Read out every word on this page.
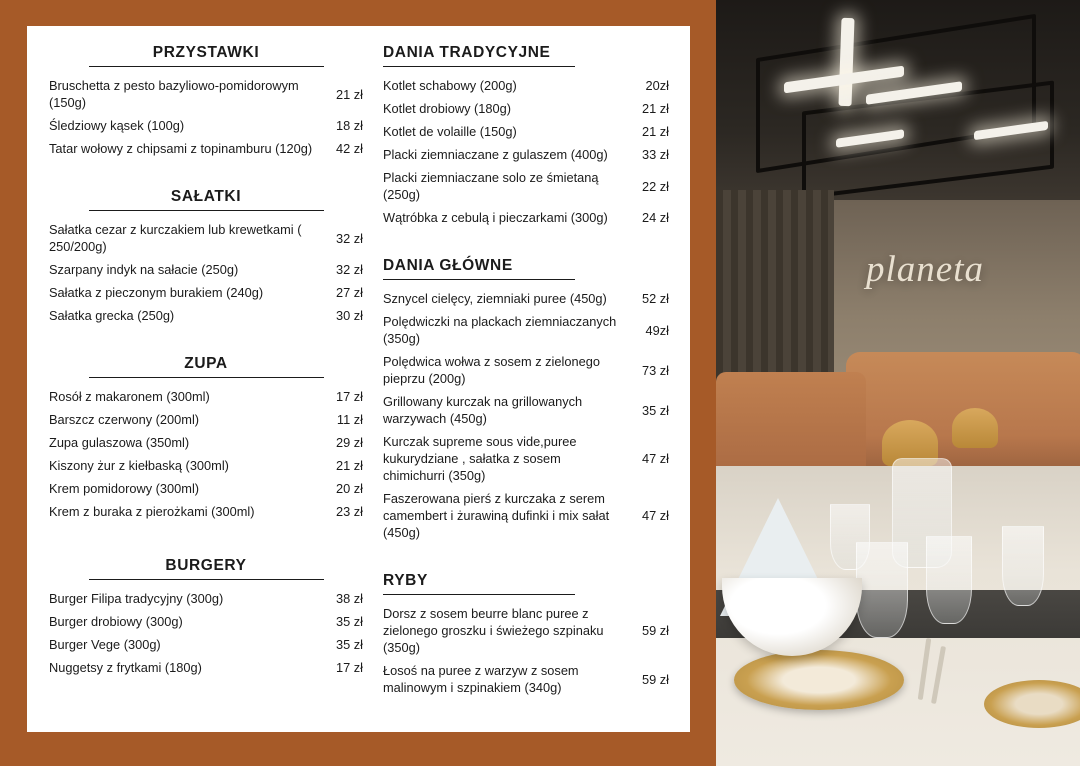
PRZYSTAWKI
Bruschetta z pesto bazyliowo-pomidorowym (150g)
21 zł
Śledziowy kąsek (100g)	18 zł
Tatar wołowy z chipsami z topinamburu (120g)	42 zł
SAŁATKI
Sałatka cezar z kurczakiem lub krewetkami ( 250/200g)
32 zł
Szarpany indyk na sałacie (250g)	32 zł
Sałatka z pieczonym burakiem (240g)	27 zł
Sałatka grecka (250g)	30 zł
ZUPA
Rosół z makaronem (300ml)	17 zł
Barszcz czerwony (200ml)	11 zł
Zupa gulaszowa (350ml)	29 zł
Kiszony żur z kiełbaską (300ml)	21 zł
Krem pomidorowy (300ml)	20 zł
Krem z buraka z pierożkami (300ml)	23 zł
BURGERY
Burger Filipa tradycyjny (300g)	38 zł
Burger drobiowy (300g)	35 zł
Burger Vege (300g)	35 zł
Nuggetsy z frytkami (180g)	17 zł
DANIA TRADYCYJNE
Kotlet schabowy (200g)	20zł
Kotlet drobiowy (180g)	21 zł
Kotlet de volaille (150g)	21 zł
Placki ziemniaczane z gulaszem (400g)	33 zł
Placki ziemniaczane solo ze śmietaną (250g)
22 zł
Wątróbka z cebulą i pieczarkami (300g)	24 zł
DANIA GŁÓWNE
Sznycel cielęcy, ziemniaki puree (450g)	52 zł
Polędwiczki na plackach ziemniaczanych (350g)
49zł
Polędwica wołwa z sosem z zielonego pieprzu (200g)
73 zł
Grillowany kurczak na grillowanych warzywach (450g)
35 zł
Kurczak supreme sous vide,puree kukurydziane , sałatka z sosem chimichurri (350g)
47 zł
Faszerowana pierś z kurczaka z serem camembert i żurawiną dufinki i mix sałat (450g)
47 zł
RYBY
Dorsz z sosem beurre blanc puree z zielonego groszku i świeżego szpinaku (350g)
59 zł
Łosoś na puree z warzyw z sosem malinowym i szpinakiem (340g)
59 zł
planeta
